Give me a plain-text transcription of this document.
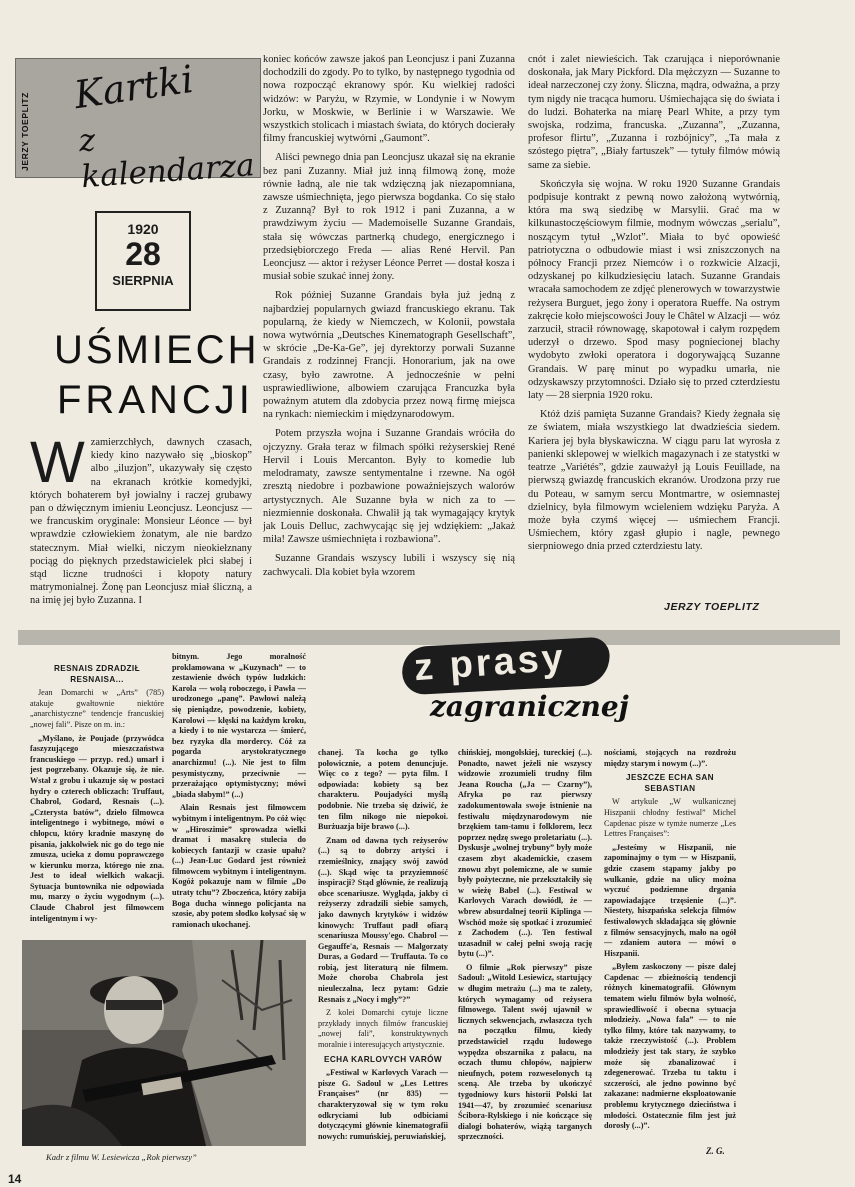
JERZY TOEPLITZ
Kartki
z kalendarza
1920
28
SIERPNIA
UŚMIECH
FRANCJI
W zamierzchłych, dawnych czasach, kiedy kino nazywało się „bioskop” albo „iluzjon”, ukazywały się często na ekranach krótkie komedyjki, których bohaterem był jowialny i raczej grubawy pan o dźwięcznym imieniu Leoncjusz. Leoncjusz — we francuskim oryginale: Monsieur Léonce — był wprawdzie człowiekiem żonatym, ale nie bardzo statecznym. Miał wielki, niczym nieokiełznany pociąg do pięknych przedstawicielek płci słabej i stąd liczne trudności i kłopoty natury matrymonialnej. Żonę pan Leoncjusz miał śliczną, a na imię jej było Zuzanna. I

koniec końców zawsze jakoś pan Leoncjusz i pani Zuzanna dochodzili do zgody. Po to tylko, by następnego tygodnia od nowa rozpocząć ekranowy spór. Ku wielkiej radości widzów: w Paryżu, w Rzymie, w Londynie i w Nowym Jorku, w Moskwie, w Berlinie i w Warszawie. We wszystkich stolicach i miastach świata, do których docierały filmy francuskiej wytwórni „Gaumont”.

Aliści pewnego dnia pan Leoncjusz ukazał się na ekranie bez pani Zuzanny. Miał już inną filmową żonę, może równie ładną, ale nie tak wdzięczną jak niezapomniana, zawsze uśmiechnięta, jego pierwsza bogdanka. Co się stało z Zuzanną? Był to rok 1912 i pani Zuzanna, a w prawdziwym życiu — Mademoiselle Suzanne Grandais, stała się wówczas partnerką chudego, energicznego i przedsiębiorczego Freda — alias René Hervil. Pan Leoncjusz — aktor i reżyser Léonce Perret — dostał kosza i musiał sobie szukać innej żony.

Rok później Suzanne Grandais była już jedną z najbardziej popularnych gwiazd francuskiego ekranu. Tak popularną, że kiedy w Niemczech, w Kolonii, powstała nowa wytwórnia „Deutsches Kinematograph Gesellschaft”, w skrócie „De-Ka-Ge”, jej dyrektorzy porwali Suzanne Grandais z rodzinnej Francji. Honorarium, jak na owe czasy, było zawrotne. A jednocześnie w pełni usprawiedliwione, albowiem czarująca Francuzka była poważnym atutem dla zdobycia przez nową firmę miejsca na rynkach: niemieckim i międzynarodowym.

Potem przyszła wojna i Suzanne Grandais wróciła do ojczyzny. Grała teraz w filmach spółki reżyserskiej René Hervil i Louis Mercanton. Były to komedie lub melodramaty, zawsze sentymentalne i rzewne. Na ogół zresztą niedobre i pozbawione poważniejszych walorów artystycznych. Ale Suzanne była w nich za to — niezmiennie doskonała. Chwalił ją tak wymagający krytyk jak Louis Delluc, zachwycając się jej wdziękiem: „Jakaż miła! Zawsze uśmiechnięta i rozbawiona”.

Suzanne Grandais wszyscy lubili i wszyscy się nią zachwycali. Dla kobiet była wzorem

cnót i zalet niewieścich. Tak czarująca i nieporównanie doskonała, jak Mary Pickford. Dla mężczyzn — Suzanne to ideał narzeczonej czy żony. Śliczna, mądra, odważna, a przy tym nigdy nie tracąca humoru. Uśmiechająca się do świata i do ludzi. Bohaterka na miarę Pearl White, a przy tym swojska, rodzima, francuska. „Zuzanna”, „Zuzanna, profesor flirtu”, „Zuzanna i rozbójnicy”, „Ta mała z szóstego piętra”, „Biały fartuszek” — tytuły filmów mówią same za siebie.

Skończyła się wojna. W roku 1920 Suzanne Grandais podpisuje kontrakt z pewną nowo założoną wytwórnią, która ma swą siedzibę w Marsylii. Grać ma w kilkunastoczęściowym filmie, modnym wówczas „serialu”, noszącym tytuł „Wzlot”. Miała to być opowieść patriotyczna o odbudowie miast i wsi zniszczonych na północy Francji przez Niemców i o rozkwicie Alzacji, odzyskanej po kilkudziesięciu latach. Suzanne Grandais wracała samochodem ze zdjęć plenerowych w towarzystwie reżysera Burguet, jego żony i operatora Rueffe. Na ostrym zakręcie koło miejscowości Jouy le Châtel w Alzacji — wóz zarzucił, stracił równowagę, skapotował i całym rozpędem uderzył o drzewo. Spod masy pogniecionej blachy wydobyto zwłoki operatora i dogorywającą Suzanne Grandais. W parę minut po wypadku umarła, nie odzyskawszy przytomności. Działo się to przed czterdziestu laty — 28 sierpnia 1920 roku.

Któż dziś pamięta Suzanne Grandais? Kiedy żegnała się ze światem, miała wszystkiego lat dwadzieścia siedem. Kariera jej była błyskawiczna. W ciągu paru lat wyrosła z panienki sklepowej w wielkich magazynach i ze statystki w teatrze „Variétés”, gdzie zauważył ją Louis Feuillade, na pierwszą gwiazdę francuskich ekranów. Urodzona przy rue du Poteau, w samym sercu Montmartre, w osiemnastej dzielnicy, była filmowym wcieleniem wdzięku Paryża. A może była czymś więcej — uśmiechem Francji. Uśmiechem, który zgasł głupio i nagle, pewnego sierpniowego dnia przed czterdziestu laty.

JERZY TOEPLITZ
z prasy
zagranicznej
RESNAIS ZDRADZIŁ RESNAISA...

Jean Domarchi w „Arts” (785) atakuje gwałtownie niektóre „anarchistyczne” tendencje francuskiej „nowej fali”. Pisze on m. in.:

„Myślano, że Poujade (przywódca faszyzującego mieszczaństwa francuskiego — przyp. red.) umarł i jest pogrzebany. Okazuje się, że nie. Wstał z grobu i ukazuje się w postaci hydry o czterech obliczach: Truffaut, Chabrol, Godard, Resnais (...). „Czterysta batów”, dzieło filmowca inteligentnego i wybitnego, mówi o chłopcu, który kradnie maszynę do pisania, jakkolwiek nic go do tego nie zmusza, ucieka z domu poprawczego w kierunku morza, którego nie zna. Jest to ideał wielkich wakacji. Sytuacja buntownika nie odpowiada mu, marzy o życiu wygodnym (...). Claude Chabrol jest filmowcem inteligentnym i wy-

bitnym. Jego moralność proklamowana w „Kuzynach” — to zestawienie dwóch typów ludzkich: Karola — wolą roboczego, i Pawła — urodzonego „panę”. Pawłowi należą się pieniądze, powodzenie, kobiety, Karolowi — kłęski na każdym kroku, a kiedy i to nie wystarcza — śmierć, bez ryzyka dla mordercy. Cóż za pogarda arystokratycznego anarchizmu! (...). Nie jest to film pesymistyczny, przeciwnie — przerażająco optymistyczny; mówi „biada słabym!” (...)

Alain Resnais jest filmowcem wybitnym i inteligentnym. Po cóż więc w „Hiroszimie” sprowadza wielki dramat i masakrę stulecia do kobiecych fantazji w czasie upału? (...) Jean-Luc Godard jest również filmowcem wybitnym i inteligentnym. Kogóż pokazuje nam w filmie „Do utraty tchu”? Zboczeńca, który zabija Boga ducha winnego policjanta na szosie, aby potem słodko kołysać się w ramionach ukochanej.

Kadr z filmu W. Lesiewicza „Rok pierwszy”

chanej. Ta kocha go tylko połowicznie, a potem denuncjuje. Więc co z tego? — pyta film. I odpowiada: kobiety są bez charakteru. Poujadyści myślą podobnie. Nie trzeba się dziwić, że ten film nikogo nie niepokoi. Burżuazja bije brawo (...).

Znam od dawna tych reżyserów (...) są to dobrzy artyści i rzemieślnicy, znający swój zawód (...). Skąd więc ta przyziemność inspiracji? Stąd głównie, że realizują obce scenariusze. Wygląda, jakby ci reżyserzy zdradzili siebie samych, jako dawnych krytyków i widzów kinowych: Truffaut padł ofiarą scenariusza Moussy'ego. Chabrol — Gegauffe'a, Resnais — Malgorzaty Duras, a Godard — Truffauta. To co robią, jest literaturą nie filmem. Może choroba Chabrola jest nieuleczalna, lecz pytam: Gdzie Resnais z „Nocy i mgły”?”

Z kolei Domarchi cytuje liczne przykłady innych filmów francuskiej „nowej fali”, konstruktywnych moralnie i interesujących artystycznie.

ECHA KARLOVYCH VARÓW

„Festiwal w Karlovych Varach — pisze G. Sadoul w „Les Lettres Françaises” (nr 835) — charakteryzował się w tym roku odkryciami lub odbiciami dotyczącymi głównie kinematografii nowych: rumuńskiej, peruwiańskiej,

chińskiej, mongolskiej, tureckiej (...). Ponadto, nawet jeżeli nie wszyscy widzowie zrozumieli trudny film Jeana Roucha („Ja — Czarny”), Afryka po raz pierwszy zadokumentowała swoje istnienie na festiwalu międzynarodowym nie brzękiem tam-tamu i folklorem, lecz poprzez nędzę swego proletariatu (...). Dyskusje „wolnej trybuny” były może czasem zbyt akademickie, czasem znowu zbyt polemiczne, ale w sumie były pożyteczne, nie przekształciły się w wieżę Babel (...). Festiwal w Karlovych Varach dowiódł, że — wbrew absurdalnej teorii Kiplinga — Wschód może się spotkać i zrozumieć z Zachodem (...). Ten festiwal uzasadnił w całej pełni swoją rację bytu (...)”.

O filmie „Rok pierwszy” pisze Sadoul: „Witold Lesiewicz, startujący w długim metrażu (...) ma te zalety, których wymagamy od reżysera filmowego. Talent swój ujawnił w licznych sekwencjach, zwłaszcza tych na początku filmu, kiedy przedstawiciel rządu ludowego wypędza obszarnika z pałacu, na oczach tłumu chłopów, najpierw nieufnych, potem rozweselonych tą sceną. Ale trzeba by ukończyć tygodniowy kurs historii Polski lat 1941—47, by zrozumieć scenariusz Ścibora-Rylskiego i nie kończące się dialogi bohaterów, wiążą targanych sprzeczności.

nościami, stojących na rozdrożu między starym i nowym (...)”.

JESZCZE ECHA SAN SEBASTIAN

W artykule „W wulkanicznej Hiszpanii chłodny festiwal” Michel Capdenac pisze w tymże numerze „Les Lettres Françaises”:

„Jesteśmy w Hiszpanii, nie zapominajmy o tym — w Hiszpanii, gdzie czasem stąpamy jakby po wulkanie, gdzie na ulicy można wyczuć podziemne drgania zapowiadające trzęsienie (...)”. Niestety, hiszpańska selekcja filmów festiwalowych składająca się głównie z filmów sensacyjnych, mało na ogół — zdaniem autora — mówi o Hiszpanii.

„Byłem zaskoczony — pisze dalej Capdenac — zbieżnością tendencji różnych kinematografii. Głównym tematem wielu filmów była wolność, sprawiedliwość i obecna sytuacja młodzieży. „Nowa fala” — to nie tylko filmy, które tak nazywamy, to także rzeczywistość (...). Problem młodzieży jest tak stary, że szybko może się zbanalizować i zdegenerować. Trzeba tu taktu i szczerości, ale jedno powinno być zakazane: nadmierne eksploatowanie problemu krytycznego dzieciństwa i młodości. Ostatecznie film jest już dorosły (...)”.

Z. G.
14
